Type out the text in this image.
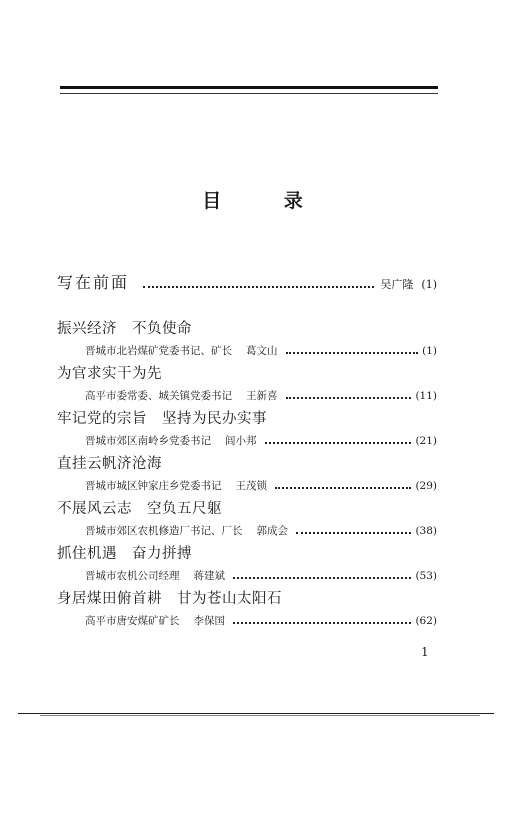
目 录
写在前面	吴广隆 (1)
振兴经济　不负使命
晋城市北岩煤矿党委书记、矿长 葛文山	(1)
为官求实干为先
高平市委常委、城关镇党委书记 王新喜	(11)
牢记党的宗旨　坚持为民办实事
晋城市郊区南岭乡党委书记 闾小邦	(21)
直挂云帆济沧海
晋城市城区钟家庄乡党委书记 王茂锁	(29)
不展风云志　空负五尺躯
晋城市郊区农机修造厂书记、厂长 郭成会	(38)
抓住机遇　奋力拼搏
晋城市农机公司经理 蒋建斌	(53)
身居煤田俯首耕　甘为苍山太阳石
高平市唐安煤矿矿长 李保国	(62)
1
